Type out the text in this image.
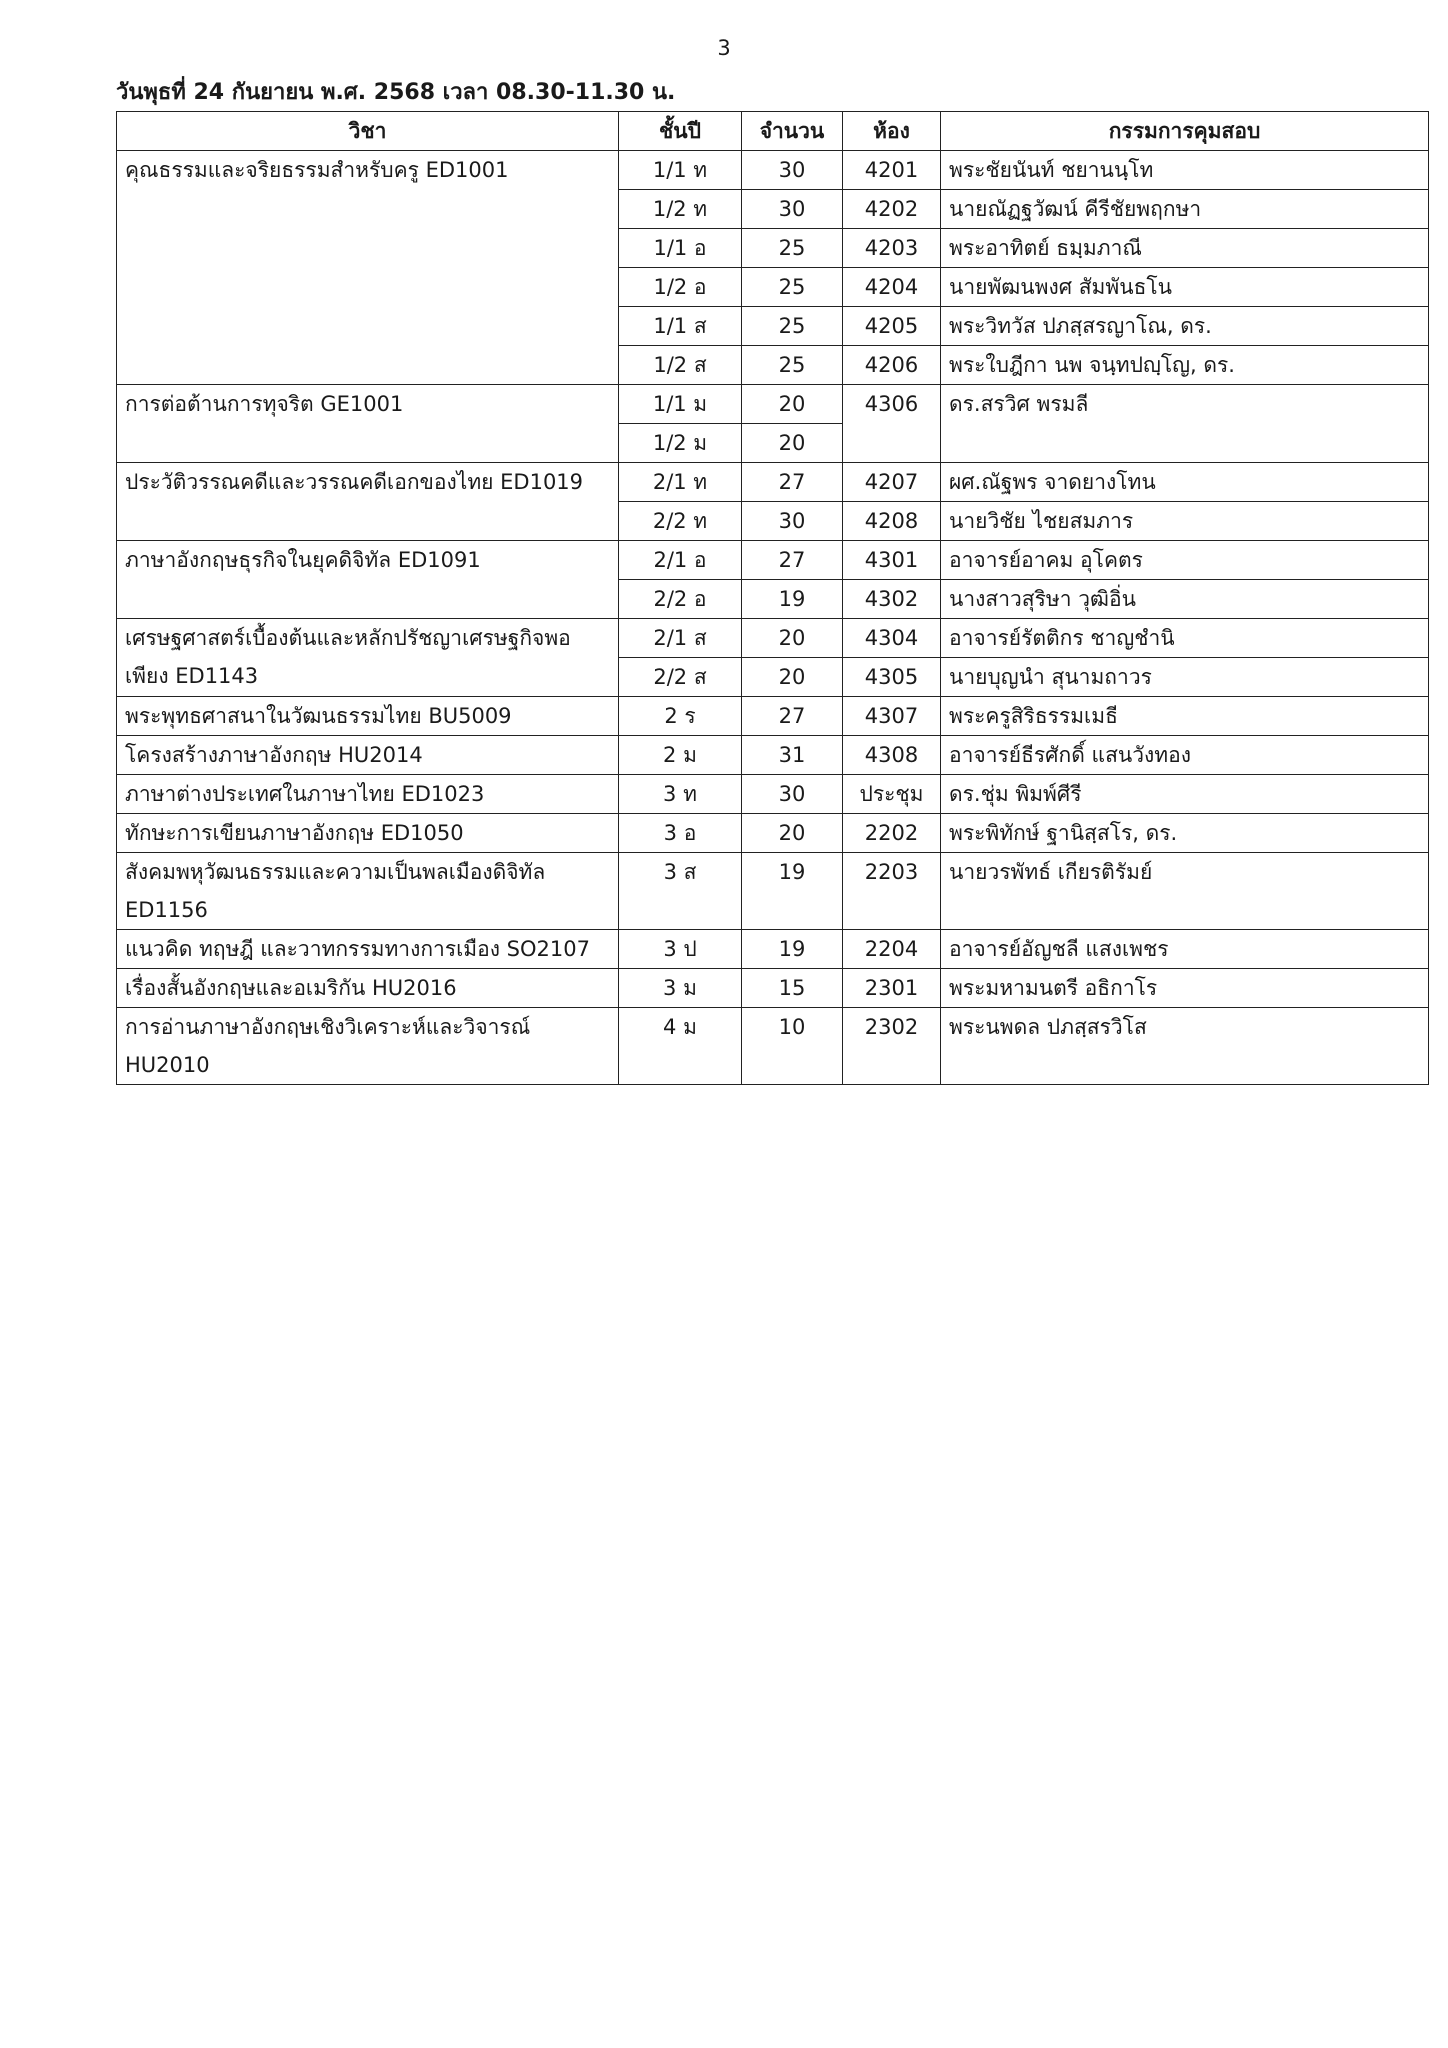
3
วันพุธที่ 24 กันยายน พ.ศ. 2568 เวลา 08.30-11.30 น.
วิชา	ชั้นปี	จำนวน	ห้อง	กรรมการคุมสอบ
คุณธรรมและจริยธรรมสำหรับครู ED1001	1/1 ท	30	4201	พระชัยนันท์ ชยานนฺโท
	1/2 ท	30	4202	นายณัฏฐวัฒน์ คีรีชัยพฤกษา
	1/1 อ	25	4203	พระอาทิตย์ ธมฺมภาณี
	1/2 อ	25	4204	นายพัฒนพงศ สัมพันธโน
	1/1 ส	25	4205	พระวิทวัส ปภสฺสรญาโณ, ดร.
	1/2 ส	25	4206	พระใบฎีกา นพ จนฺทปญฺโญ, ดร.
การต่อต้านการทุจริต GE1001	1/1 ม	20	4306	ดร.สรวิศ พรมลี
	1/2 ม	20		
ประวัติวรรณคดีและวรรณคดีเอกของไทย ED1019	2/1 ท	27	4207	ผศ.ณัฐพร จาดยางโทน
	2/2 ท	30	4208	นายวิชัย ไชยสมภาร
ภาษาอังกฤษธุรกิจในยุคดิจิทัล ED1091	2/1 อ	27	4301	อาจารย์อาคม อุโคตร
	2/2 อ	19	4302	นางสาวสุริษา วุฒิอิ่น
เศรษฐศาสตร์เบื้องต้นและหลักปรัชญาเศรษฐกิจพอเพียง ED1143	2/1 ส	20	4304	อาจารย์รัตติกร ชาญชำนิ
	2/2 ส	20	4305	นายบุญนำ สุนามถาวร
พระพุทธศาสนาในวัฒนธรรมไทย BU5009	2 ร	27	4307	พระครูสิริธรรมเมธี
โครงสร้างภาษาอังกฤษ HU2014	2 ม	31	4308	อาจารย์ธีรศักดิ์ แสนวังทอง
ภาษาต่างประเทศในภาษาไทย ED1023	3 ท	30	ประชุม	ดร.ชุ่ม พิมพ์ศีรี
ทักษะการเขียนภาษาอังกฤษ ED1050	3 อ	20	2202	พระพิทักษ์ ฐานิสฺสโร, ดร.
สังคมพหุวัฒนธรรมและความเป็นพลเมืองดิจิทัล ED1156	3 ส	19	2203	นายวรพัทธ์ เกียรติรัมย์
แนวคิด ทฤษฎี และวาทกรรมทางการเมือง SO2107	3 ป	19	2204	อาจารย์อัญชลี แสงเพชร
เรื่องสั้นอังกฤษและอเมริกัน HU2016	3 ม	15	2301	พระมหามนตรี อธิกาโร
การอ่านภาษาอังกฤษเชิงวิเคราะห์และวิจารณ์ HU2010	4 ม	10	2302	พระนพดล ปภสฺสรวิโส
